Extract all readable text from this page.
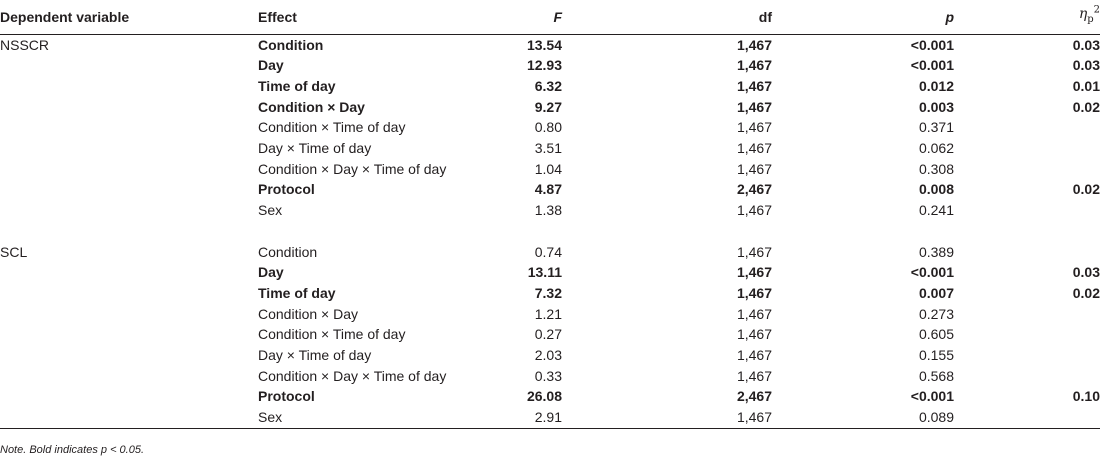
Dependent variable	Effect	F	df	p	$\eta_p^2$
NSSCR	Condition	13.54	1,467	<0.001	0.03
	Day	12.93	1,467	<0.001	0.03
	Time of day	6.32	1,467	0.012	0.01
	Condition × Day	9.27	1,467	0.003	0.02
	Condition × Time of day	0.80	1,467	0.371	
	Day × Time of day	3.51	1,467	0.062	
	Condition × Day × Time of day	1.04	1,467	0.308	
	Protocol	4.87	2,467	0.008	0.02
	Sex	1.38	1,467	0.241	

SCL	Condition	0.74	1,467	0.389	
	Day	13.11	1,467	<0.001	0.03
	Time of day	7.32	1,467	0.007	0.02
	Condition × Day	1.21	1,467	0.273	
	Condition × Time of day	0.27	1,467	0.605	
	Day × Time of day	2.03	1,467	0.155	
	Condition × Day × Time of day	0.33	1,467	0.568	
	Protocol	26.08	2,467	<0.001	0.10
	Sex	2.91	1,467	0.089	
Note. Bold indicates p < 0.05.
